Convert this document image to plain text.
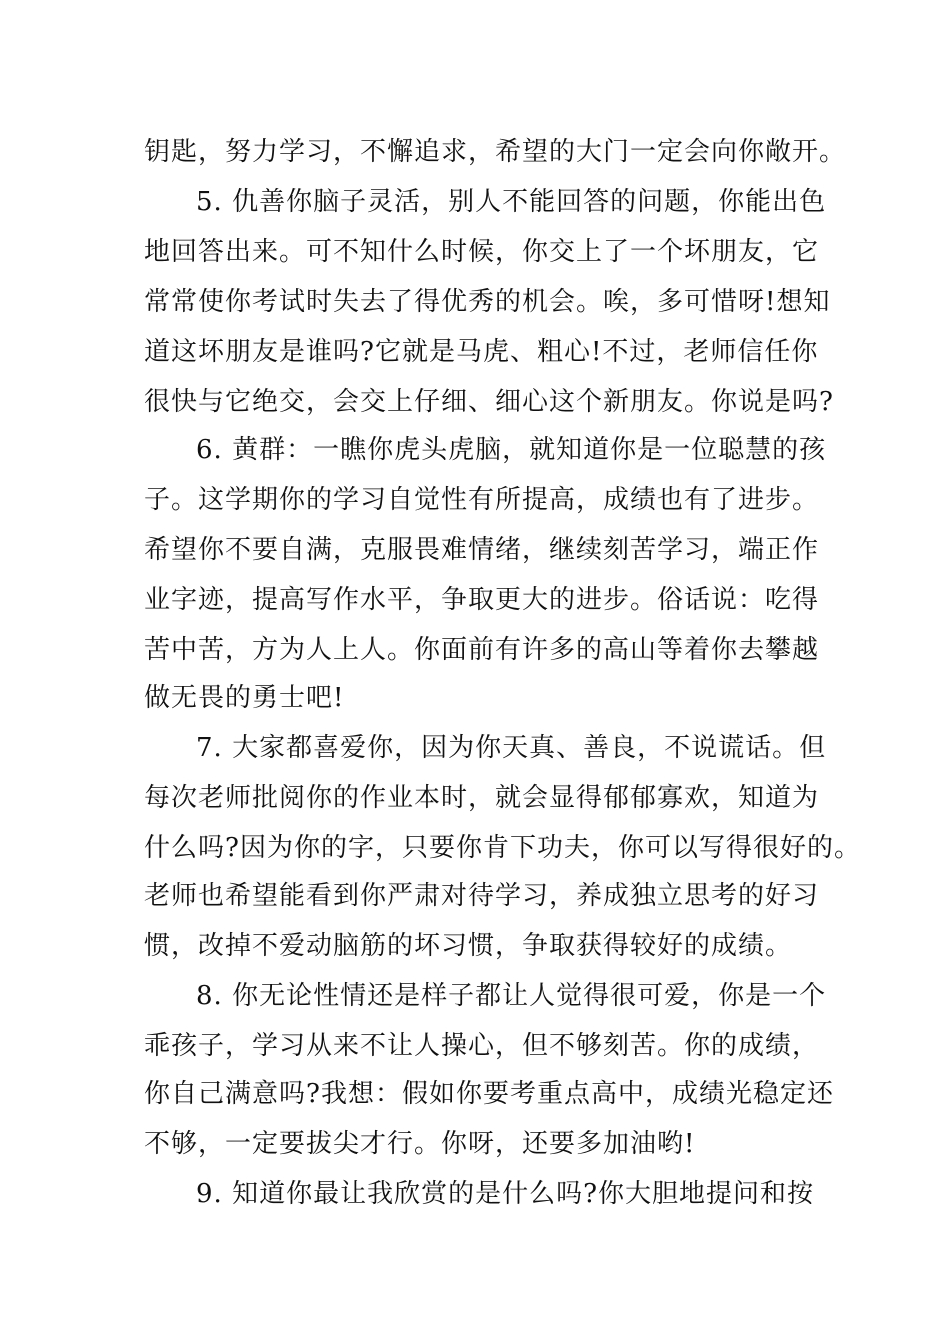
钥匙，努力学习，不懈追求，希望的大门一定会向你敞开。
5. 仇善你脑子灵活，别人不能回答的问题，你能出色
地回答出来。可不知什么时候，你交上了一个坏朋友，它
常常使你考试时失去了得优秀的机会。唉，多可惜呀!想知
道这坏朋友是谁吗?它就是马虎、粗心!不过，老师信任你
很快与它绝交，会交上仔细、细心这个新朋友。你说是吗?
6. 黄群：一瞧你虎头虎脑，就知道你是一位聪慧的孩
子。这学期你的学习自觉性有所提高，成绩也有了进步。
希望你不要自满，克服畏难情绪，继续刻苦学习，端正作
业字迹，提高写作水平，争取更大的进步。俗话说：吃得
苦中苦，方为人上人。你面前有许多的高山等着你去攀越
做无畏的勇士吧!
7. 大家都喜爱你，因为你天真、善良，不说谎话。但
每次老师批阅你的作业本时，就会显得郁郁寡欢，知道为
什么吗?因为你的字，只要你肯下功夫，你可以写得很好的。
老师也希望能看到你严肃对待学习，养成独立思考的好习
惯，改掉不爱动脑筋的坏习惯，争取获得较好的成绩。
8. 你无论性情还是样子都让人觉得很可爱，你是一个
乖孩子，学习从来不让人操心，但不够刻苦。你的成绩，
你自己满意吗?我想：假如你要考重点高中，成绩光稳定还
不够，一定要拔尖才行。你呀，还要多加油哟!
9. 知道你最让我欣赏的是什么吗?你大胆地提问和按
